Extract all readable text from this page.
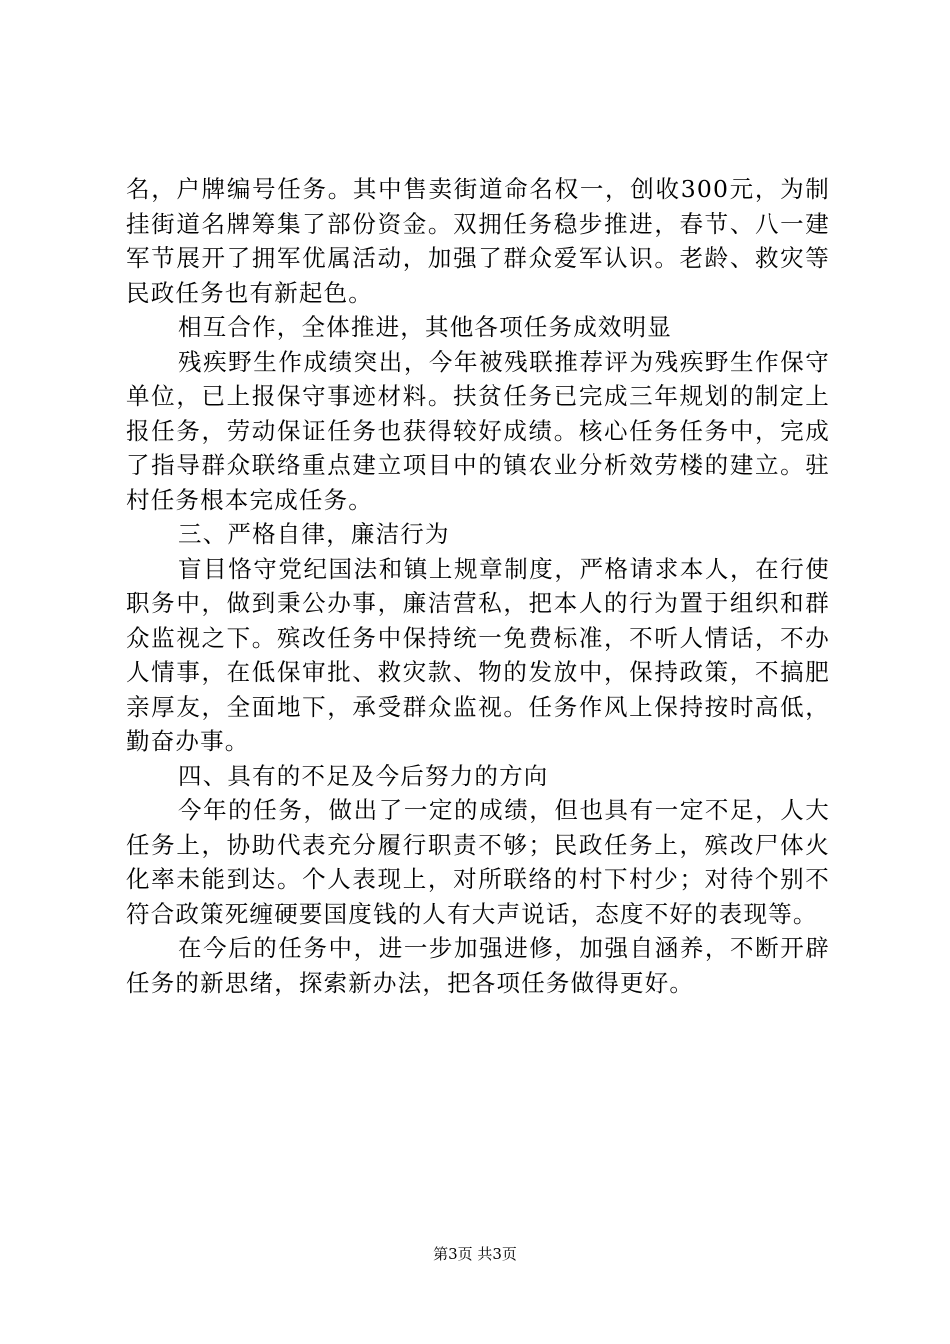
名，户牌编号任务。其中售卖街道命名权一，创收300元，为制挂街道名牌筹集了部份资金。双拥任务稳步推进，春节、八一建军节展开了拥军优属活动，加强了群众爱军认识。老龄、救灾等民政任务也有新起色。

相互合作，全体推进，其他各项任务成效明显

残疾野生作成绩突出，今年被残联推荐评为残疾野生作保守单位，已上报保守事迹材料。扶贫任务已完成三年规划的制定上报任务，劳动保证任务也获得较好成绩。核心任务任务中，完成了指导群众联络重点建立项目中的镇农业分析效劳楼的建立。驻村任务根本完成任务。

三、严格自律，廉洁行为

盲目恪守党纪国法和镇上规章制度，严格请求本人，在行使职务中，做到秉公办事，廉洁营私，把本人的行为置于组织和群众监视之下。殡改任务中保持统一免费标准，不听人情话，不办人情事，在低保审批、救灾款、物的发放中，保持政策，不搞肥亲厚友，全面地下，承受群众监视。任务作风上保持按时高低，勤奋办事。

四、具有的不足及今后努力的方向

今年的任务，做出了一定的成绩，但也具有一定不足，人大任务上，协助代表充分履行职责不够；民政任务上，殡改尸体火化率未能到达。个人表现上，对所联络的村下村少；对待个别不符合政策死缠硬要国度钱的人有大声说话，态度不好的表现等。

在今后的任务中，进一步加强进修，加强自涵养，不断开辟任务的新思绪，探索新办法，把各项任务做得更好。

第3页 共3页
